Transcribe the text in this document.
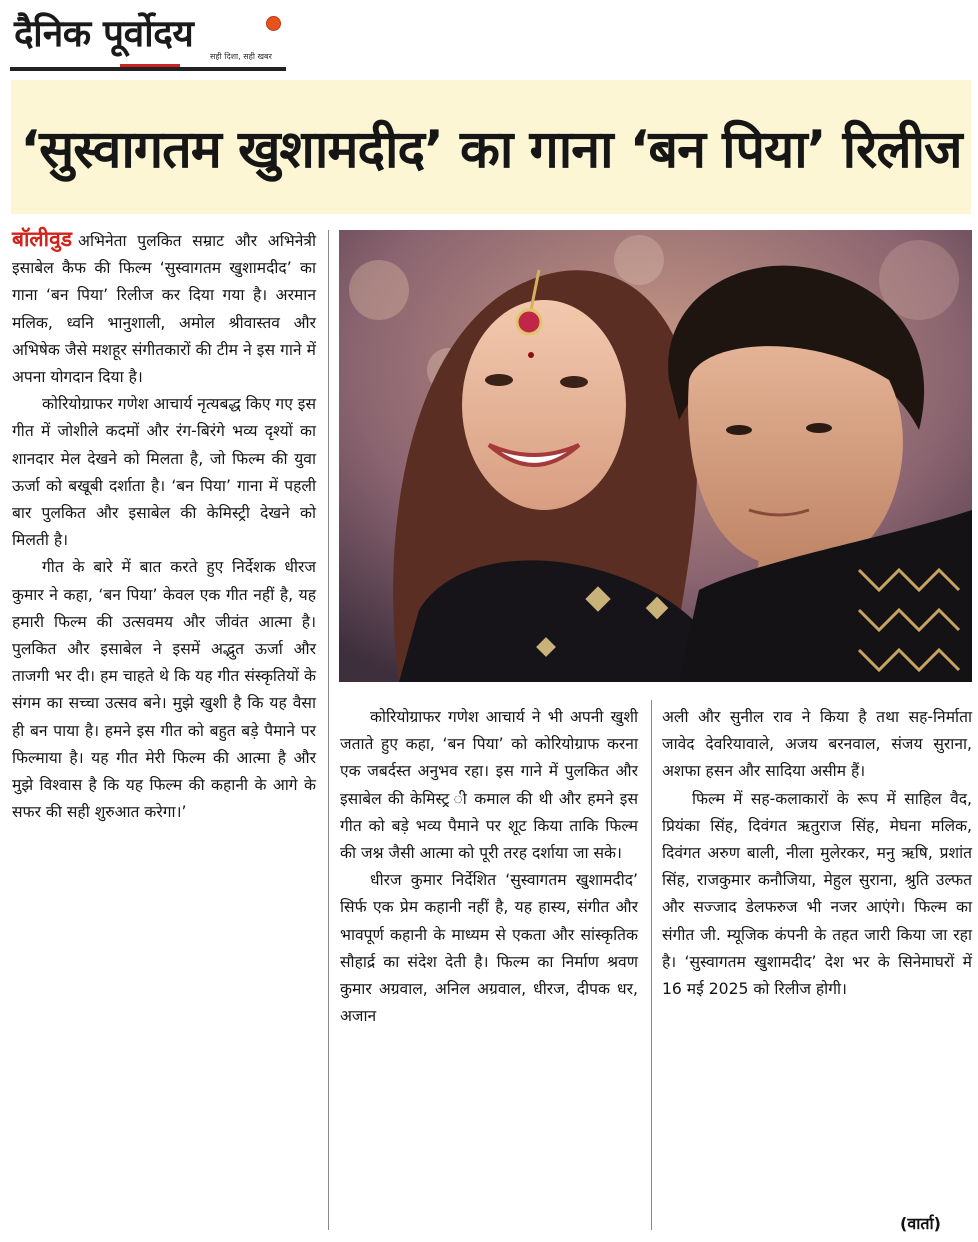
दैनिक पूर्वोदय
सही दिशा, सही खबर
‘सुस्वागतम खुशामदीद’ का गाना ‘बन पिया’ रिलीज

बॉलीवुड अभिनेता पुलकित सम्राट और अभिनेत्री इसाबेल कैफ की फिल्म ‘सुस्वागतम खुशामदीद’ का गाना ‘बन पिया’ रिलीज कर दिया गया है। अरमान मलिक, ध्वनि भानुशाली, अमोल श्रीवास्तव और अभिषेक जैसे मशहूर संगीतकारों की टीम ने इस गाने में अपना योगदान दिया है।

कोरियोग्राफर गणेश आचार्य नृत्यबद्ध किए गए इस गीत में जोशीले कदमों और रंग-बिरंगे भव्य दृश्यों का शानदार मेल देखने को मिलता है, जो फिल्म की युवा ऊर्जा को बखूबी दर्शाता है। ‘बन पिया’ गाना में पहली बार पुलकित और इसाबेल की केमिस्ट्री देखने को मिलती है।

गीत के बारे में बात करते हुए निर्देशक धीरज कुमार ने कहा, ‘बन पिया’ केवल एक गीत नहीं है, यह हमारी फिल्म की उत्सवमय और जीवंत आत्मा है। पुलकित और इसाबेल ने इसमें अद्भुत ऊर्जा और ताजगी भर दी। हम चाहते थे कि यह गीत संस्कृतियों के संगम का सच्चा उत्सव बने। मुझे खुशी है कि यह वैसा ही बन पाया है। हमने इस गीत को बहुत बड़े पैमाने पर फिल्माया है। यह गीत मेरी फिल्म की आत्मा है और मुझे विश्वास है कि यह फिल्म की कहानी के आगे के सफर की सही शुरुआत करेगा।’

कोरियोग्राफर गणेश आचार्य ने भी अपनी खुशी जताते हुए कहा, ‘बन पिया’ को कोरियोग्राफ करना एक जबर्दस्त अनुभव रहा। इस गाने में पुलकित और इसाबेल की केमिस्ट्र ी कमाल की थी और हमने इस गीत को बड़े भव्य पैमाने पर शूट किया ताकि फिल्म की जश्न जैसी आत्मा को पूरी तरह दर्शाया जा सके।

धीरज कुमार निर्देशित ‘सुस्वागतम खुशामदीद’ सिर्फ एक प्रेम कहानी नहीं है, यह हास्य, संगीत और भावपूर्ण कहानी के माध्यम से एकता और सांस्कृतिक सौहार्द्र का संदेश देती है। फिल्म का निर्माण श्रवण कुमार अग्रवाल, अनिल अग्रवाल, धीरज, दीपक धर, अजान

अली और सुनील राव ने किया है तथा सह-निर्माता जावेद देवरियावाले, अजय बरनवाल, संजय सुराना, अशफा हसन और सादिया असीम हैं।

फिल्म में सह-कलाकारों के रूप में साहिल वैद, प्रियंका सिंह, दिवंगत ऋतुराज सिंह, मेघना मलिक, दिवंगत अरुण बाली, नीला मुलेरकर, मनु ऋषि, प्रशांत सिंह, राजकुमार कनौजिया, मेहुल सुराना, श्रुति उल्फत और सज्जाद डेलफरुज भी नजर आएंगे। फिल्म का संगीत जी. म्यूजिक कंपनी के तहत जारी किया जा रहा है। ‘सुस्वागतम खुशामदीद’ देश भर के सिनेमाघरों में 16 मई 2025 को रिलीज होगी।

(वार्ता)
